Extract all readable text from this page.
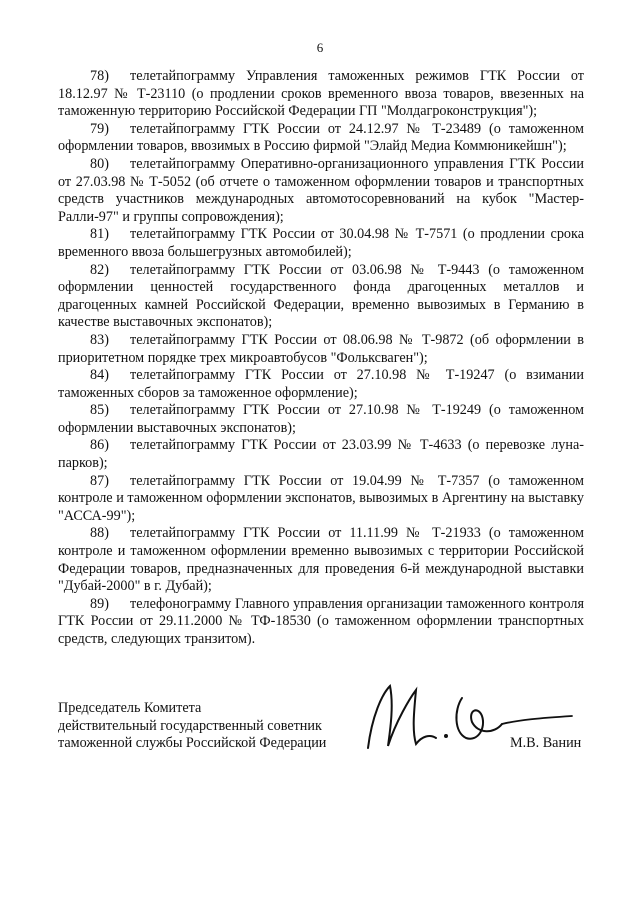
6

78) телетайпограмму Управления таможенных режимов ГТК России от 18.12.97 № Т-23110 (о продлении сроков временного ввоза товаров, ввезенных на таможенную территорию Российской Федерации ГП "Молдагроконструкция");

79) телетайпограмму ГТК России от 24.12.97 № Т-23489 (о таможенном оформлении товаров, ввозимых в Россию фирмой "Элайд Медиа Коммюникейшн");

80) телетайпограмму Оперативно-организационного управления ГТК России от 27.03.98 № Т-5052 (об отчете о таможенном оформлении товаров и транспортных средств участников международных автомотосоревнований на кубок "Мастер-Ралли-97" и группы сопровождения);

81) телетайпограмму ГТК России от 30.04.98 № Т-7571 (о продлении срока временного ввоза большегрузных автомобилей);

82) телетайпограмму ГТК России от 03.06.98 № Т-9443 (о таможенном оформлении ценностей государственного фонда драгоценных металлов и драгоценных камней Российской Федерации, временно вывозимых в Германию в качестве выставочных экспонатов);

83) телетайпограмму ГТК России от 08.06.98 № Т-9872 (об оформлении в приоритетном порядке трех микроавтобусов "Фольксваген");

84) телетайпограмму ГТК России от 27.10.98 № Т-19247 (о взимании таможенных сборов за таможенное оформление);

85) телетайпограмму ГТК России от 27.10.98 № Т-19249 (о таможенном оформлении выставочных экспонатов);

86) телетайпограмму ГТК России от 23.03.99 № Т-4633 (о перевозке луна-парков);

87) телетайпограмму ГТК России от 19.04.99 № Т-7357 (о таможенном контроле и таможенном оформлении экспонатов, вывозимых в Аргентину на выставку "АССА-99");

88) телетайпограмму ГТК России от 11.11.99 № Т-21933 (о таможенном контроле и таможенном оформлении временно вывозимых с территории Российской Федерации товаров, предназначенных для проведения 6-й международной выставки "Дубай-2000" в г. Дубай);

89) телефонограмму Главного управления организации таможенного контроля ГТК России от 29.11.2000 № ТФ-18530 (о таможенном оформлении транспортных средств, следующих транзитом).

Председатель Комитета
действительный государственный советник
таможенной службы Российской Федерации	М.В. Ванин
